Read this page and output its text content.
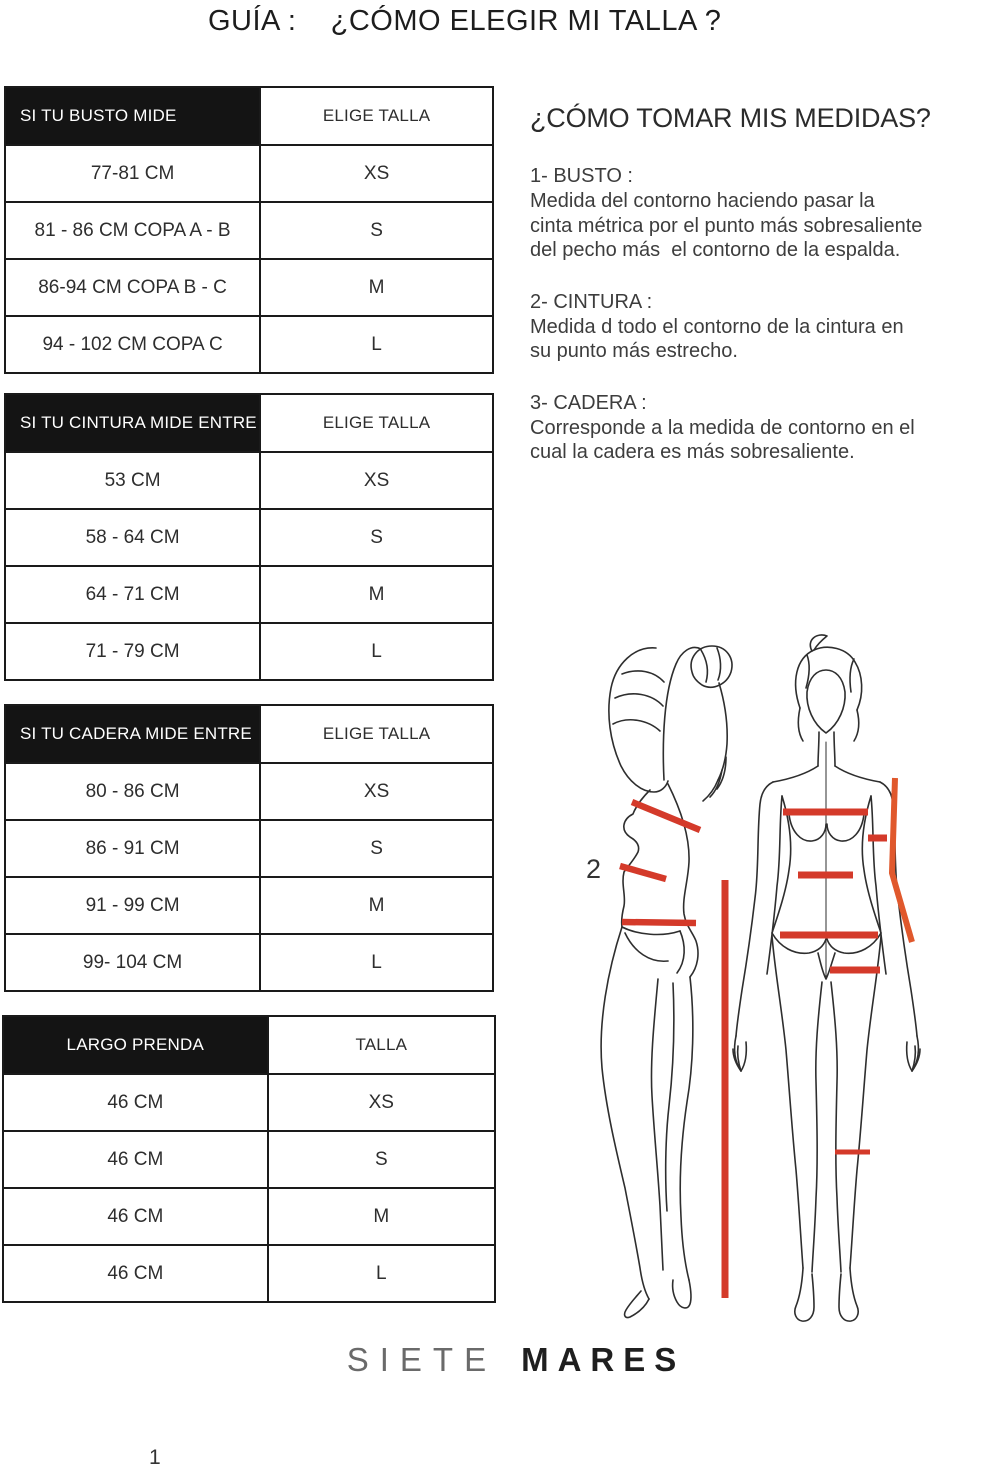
GUÍA :    ¿CÓMO ELEGIR MI TALLA ?
SI TU BUSTO MIDE	ELIGE TALLA
77-81 CM	XS
81 - 86 CM COPA A - B	S
86-94 CM COPA B - C	M
94 - 102 CM COPA C	L
SI TU CINTURA MIDE ENTRE	ELIGE TALLA
53 CM	XS
58 - 64 CM	S
64 - 71 CM	M
71 - 79 CM	L
SI TU CADERA MIDE ENTRE	ELIGE TALLA
80 - 86 CM	XS
86 - 91 CM	S
91 - 99 CM	M
99- 104 CM	L
LARGO PRENDA	TALLA
46 CM	XS
46 CM	S
46 CM	M
46 CM	L
¿CÓMO TOMAR MIS MEDIDAS?
1- BUSTO :
Medida del contorno haciendo pasar la
cinta métrica por el punto más sobresaliente
del pecho más  el contorno de la espalda.
2- CINTURA :
Medida d todo el contorno de la cintura en
su punto más estrecho.
3- CADERA :
Corresponde a la medida de contorno en el
cual la cadera es más sobresaliente.
2
SIETE MARES
1
